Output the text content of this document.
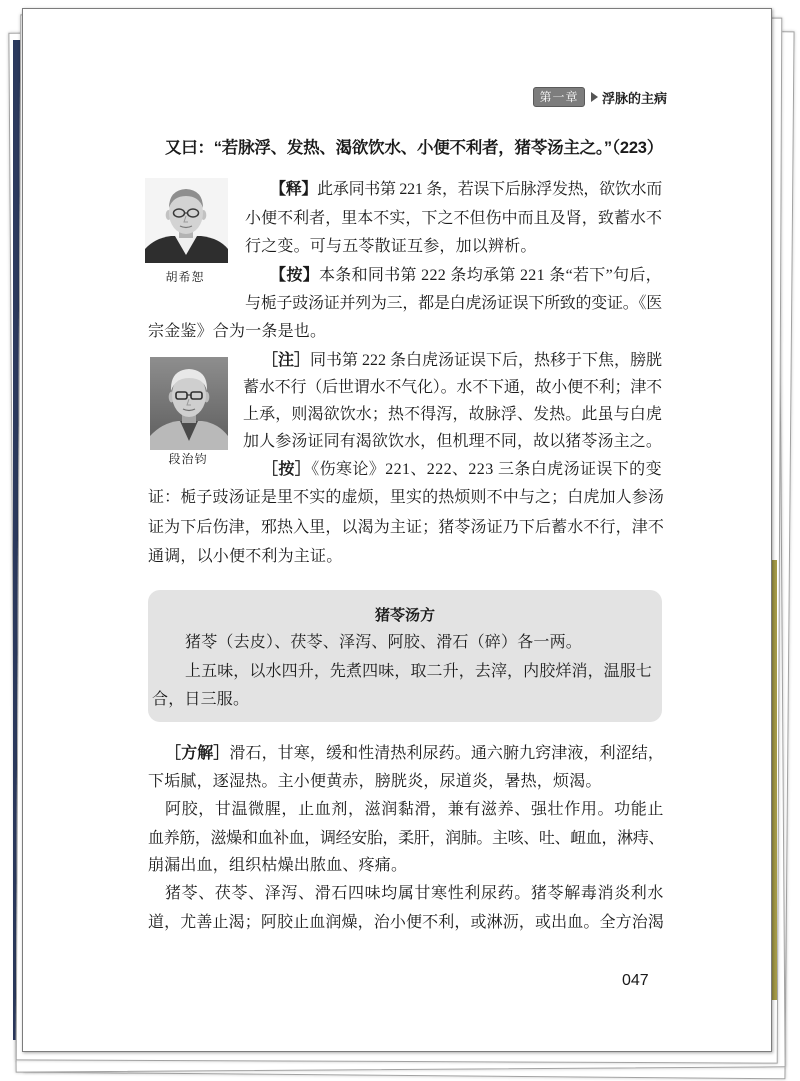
第一章	浮脉的主病
又曰：“若脉浮、发热、渴欲饮水、小便不利者，猪苓汤主之。”（223）
胡希恕
【释】此承同书第 221 条，若误下后脉浮发热，欲饮水而
小便不利者，里本不实，下之不但伤中而且及肾，致蓄水不
行之变。可与五苓散证互参，加以辨析。
【按】本条和同书第 222 条均承第 221 条“若下”句后，
与栀子豉汤证并列为三，都是白虎汤证误下所致的变证。《医
宗金鉴》合为一条是也。
段治钧
［注］同书第 222 条白虎汤证误下后，热移于下焦，膀胱
蓄水不行（后世谓水不气化）。水不下通，故小便不利；津不
上承，则渴欲饮水；热不得泻，故脉浮、发热。此虽与白虎
加人参汤证同有渴欲饮水，但机理不同，故以猪苓汤主之。
［按］《伤寒论》221、222、223 三条白虎汤证误下的变
证：栀子豉汤证是里不实的虚烦，里实的热烦则不中与之；白虎加人参汤
证为下后伤津，邪热入里，以渴为主证；猪苓汤证乃下后蓄水不行，津不
通调，以小便不利为主证。
猪苓汤方
猪苓（去皮）、茯苓、泽泻、阿胶、滑石（碎）各一两。
上五味，以水四升，先煮四味，取二升，去滓，内胶烊消，温服七
合，日三服。
［方解］滑石，甘寒，缓和性清热利尿药。通六腑九窍津液，利涩结，
下垢腻，逐湿热。主小便黄赤，膀胱炎，尿道炎，暑热，烦渴。
阿胶，甘温微腥，止血剂，滋润黏滑，兼有滋养、强壮作用。功能止
血养筋，滋燥和血补血，调经安胎，柔肝，润肺。主咳、吐、衄血，淋痔、
崩漏出血，组织枯燥出脓血、疼痛。
猪苓、茯苓、泽泻、滑石四味均属甘寒性利尿药。猪苓解毒消炎利水
道，尤善止渴；阿胶止血润燥，治小便不利，或淋沥，或出血。全方治渴
047
